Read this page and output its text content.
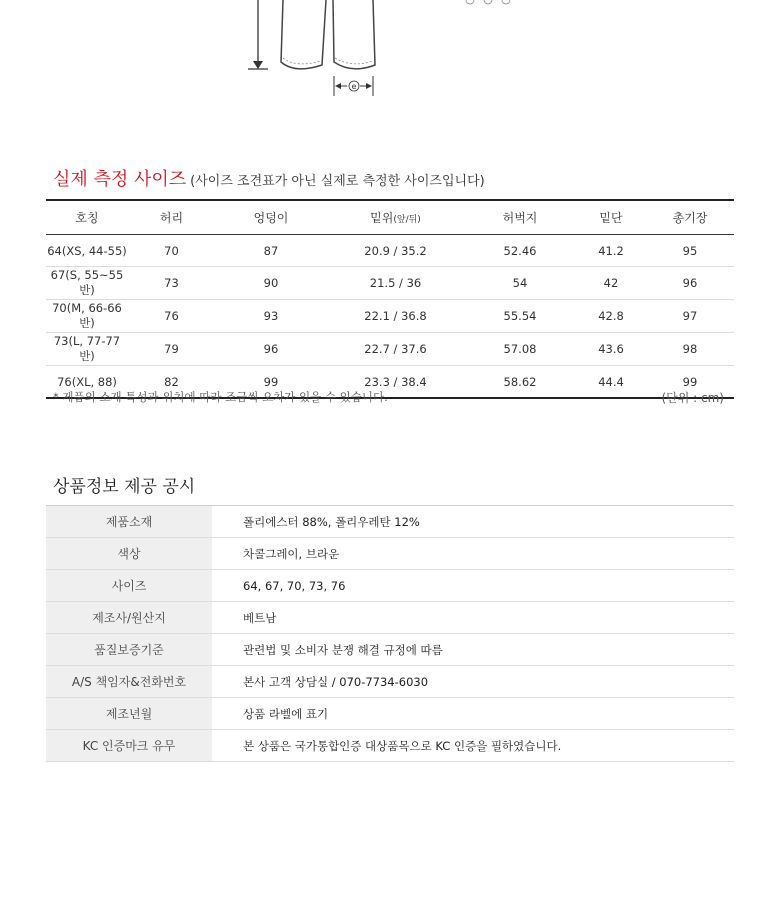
e
실제 측정 사이즈 (사이즈 조견표가 아닌 실제로 측정한 사이즈입니다)
호칭	허리	엉덩이	밑위(앞/뒤)	허벅지	밑단	총기장
64(XS, 44-55)	70	87	20.9 / 35.2	52.46	41.2	95
67(S, 55~55반)	73	90	21.5 / 36	54	42	96
70(M, 66-66반)	76	93	22.1 / 36.8	55.54	42.8	97
73(L, 77-77반)	79	96	22.7 / 37.6	57.08	43.6	98
76(XL, 88)	82	99	23.3 / 38.4	58.62	44.4	99
* 제품의 소재 특성과 위치에 따라 조금씩 오차가 있을 수 있습니다.	(단위 : cm)
상품정보 제공 공시
제품소재	폴리에스터 88%, 폴리우레탄 12%
색상	차콜그레이, 브라운
사이즈	64, 67, 70, 73, 76
제조사/원산지	베트남
품질보증기준	관련법 및 소비자 분쟁 해결 규정에 따름
A/S 책임자&전화번호	본사 고객 상담실 / 070-7734-6030
제조년월	상품 라벨에 표기
KC 인증마크 유무	본 상품은 국가통합인증 대상품목으로 KC 인증을 필하였습니다.
